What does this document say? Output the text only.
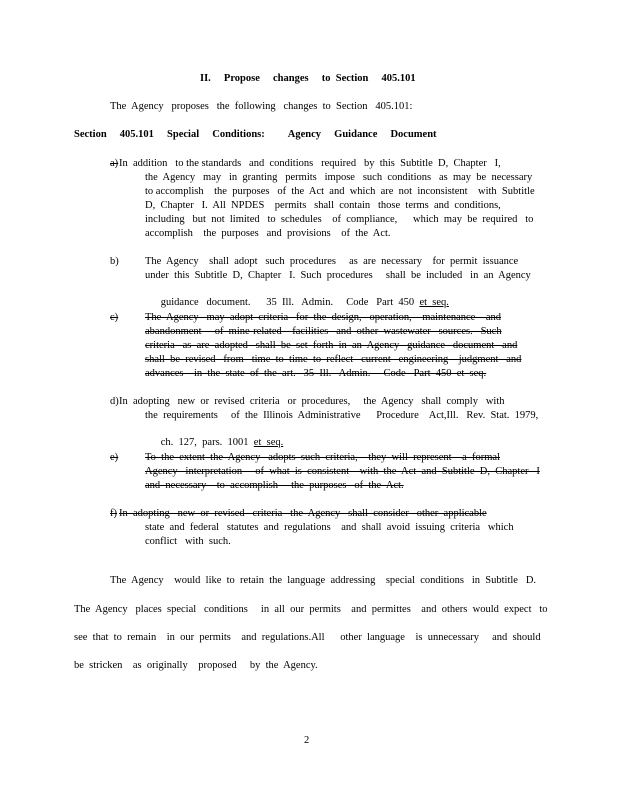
II.     Propose     changes     to  Section     405.101
The  Agency   proposes   the  following   changes  to  Section   405.101:
Section     405.101     Special     Conditions:         Agency     Guidance     Document
a) In  addition   to the standards   and  conditions   required   by  this  Subtitle  D,  Chapter   I,
the  Agency   may   in  granting   permits   impose   such  conditions   as  may  be  necessary
to accomplish    the  purposes   of  the  Act  and  which  are  not  inconsistent    with  Subtitle
D,  Chapter   I.  All  NPDES    permits   shall  contain   those  terms  and  conditions,
including   but  not  limited   to  schedules    of  compliance,      which  may  be  required   to
accomplish    the  purposes   and  provisions    of  the  Act.
b)	The  Agency    shall  adopt   such  procedures     as  are  necessary    for  permit  issuance
under  this  Subtitle  D,  Chapter   I.  Such  procedures     shall  be  included   in  an  Agency

guidance   document.      35  Ill.   Admin.     Code   Part  450  et  seq.

c)	The  Agency   may  adopt  criteria   for  the  design,   operation,    maintenance    and
abandonment     of  mine-related    facilities   and  other  wastewater   sources.   Such
criteria   as  are  adopted   shall  be  set  forth  in  an  Agency   guidance   document   and
shall  be  revised   from   time  to  time  to  reflect   current   engineering    judgment   and
advances    in  the  state  of  the  art.   35  Ill.   Admin.     Code   Part  450  et  seq.
d) In  adopting   new  or  revised  criteria   or  procedures,     the  Agency   shall  comply   with
the  requirements     of  the  Illinois  Administrative      Procedure    Act,Ill.   Rev.  Stat.  1979,

ch.  127,  pars.  1001  et  seq.

e)	To  the  extent  the  Agency   adopts  such  criteria,    they  will  represent    a  formal
Agency   interpretation     of  what  is  consistent    with  the  Act  and  Subtitle  D,  Chapter   I
and  necessary    to  accomplish     the  purposes   of  the  Act.
f) In  adopting   new  or  revised   criteria   the  Agency   shall  consider   other  applicable
state  and  federal   statutes  and  regulations    and  shall  avoid  issuing  criteria   which
conflict   with  such.
The  Agency    would  like  to  retain  the  language  addressing    special  conditions   in  Subtitle   D.
The  Agency   places  special   conditions     in  all  our  permits    and  permittes    and  others  would  expect   to
see  that  to  remain    in  our  permits    and  regulations.All      other  language    is  unnecessary     and  should
be  stricken    as  originally    proposed     by  the  Agency.
2
